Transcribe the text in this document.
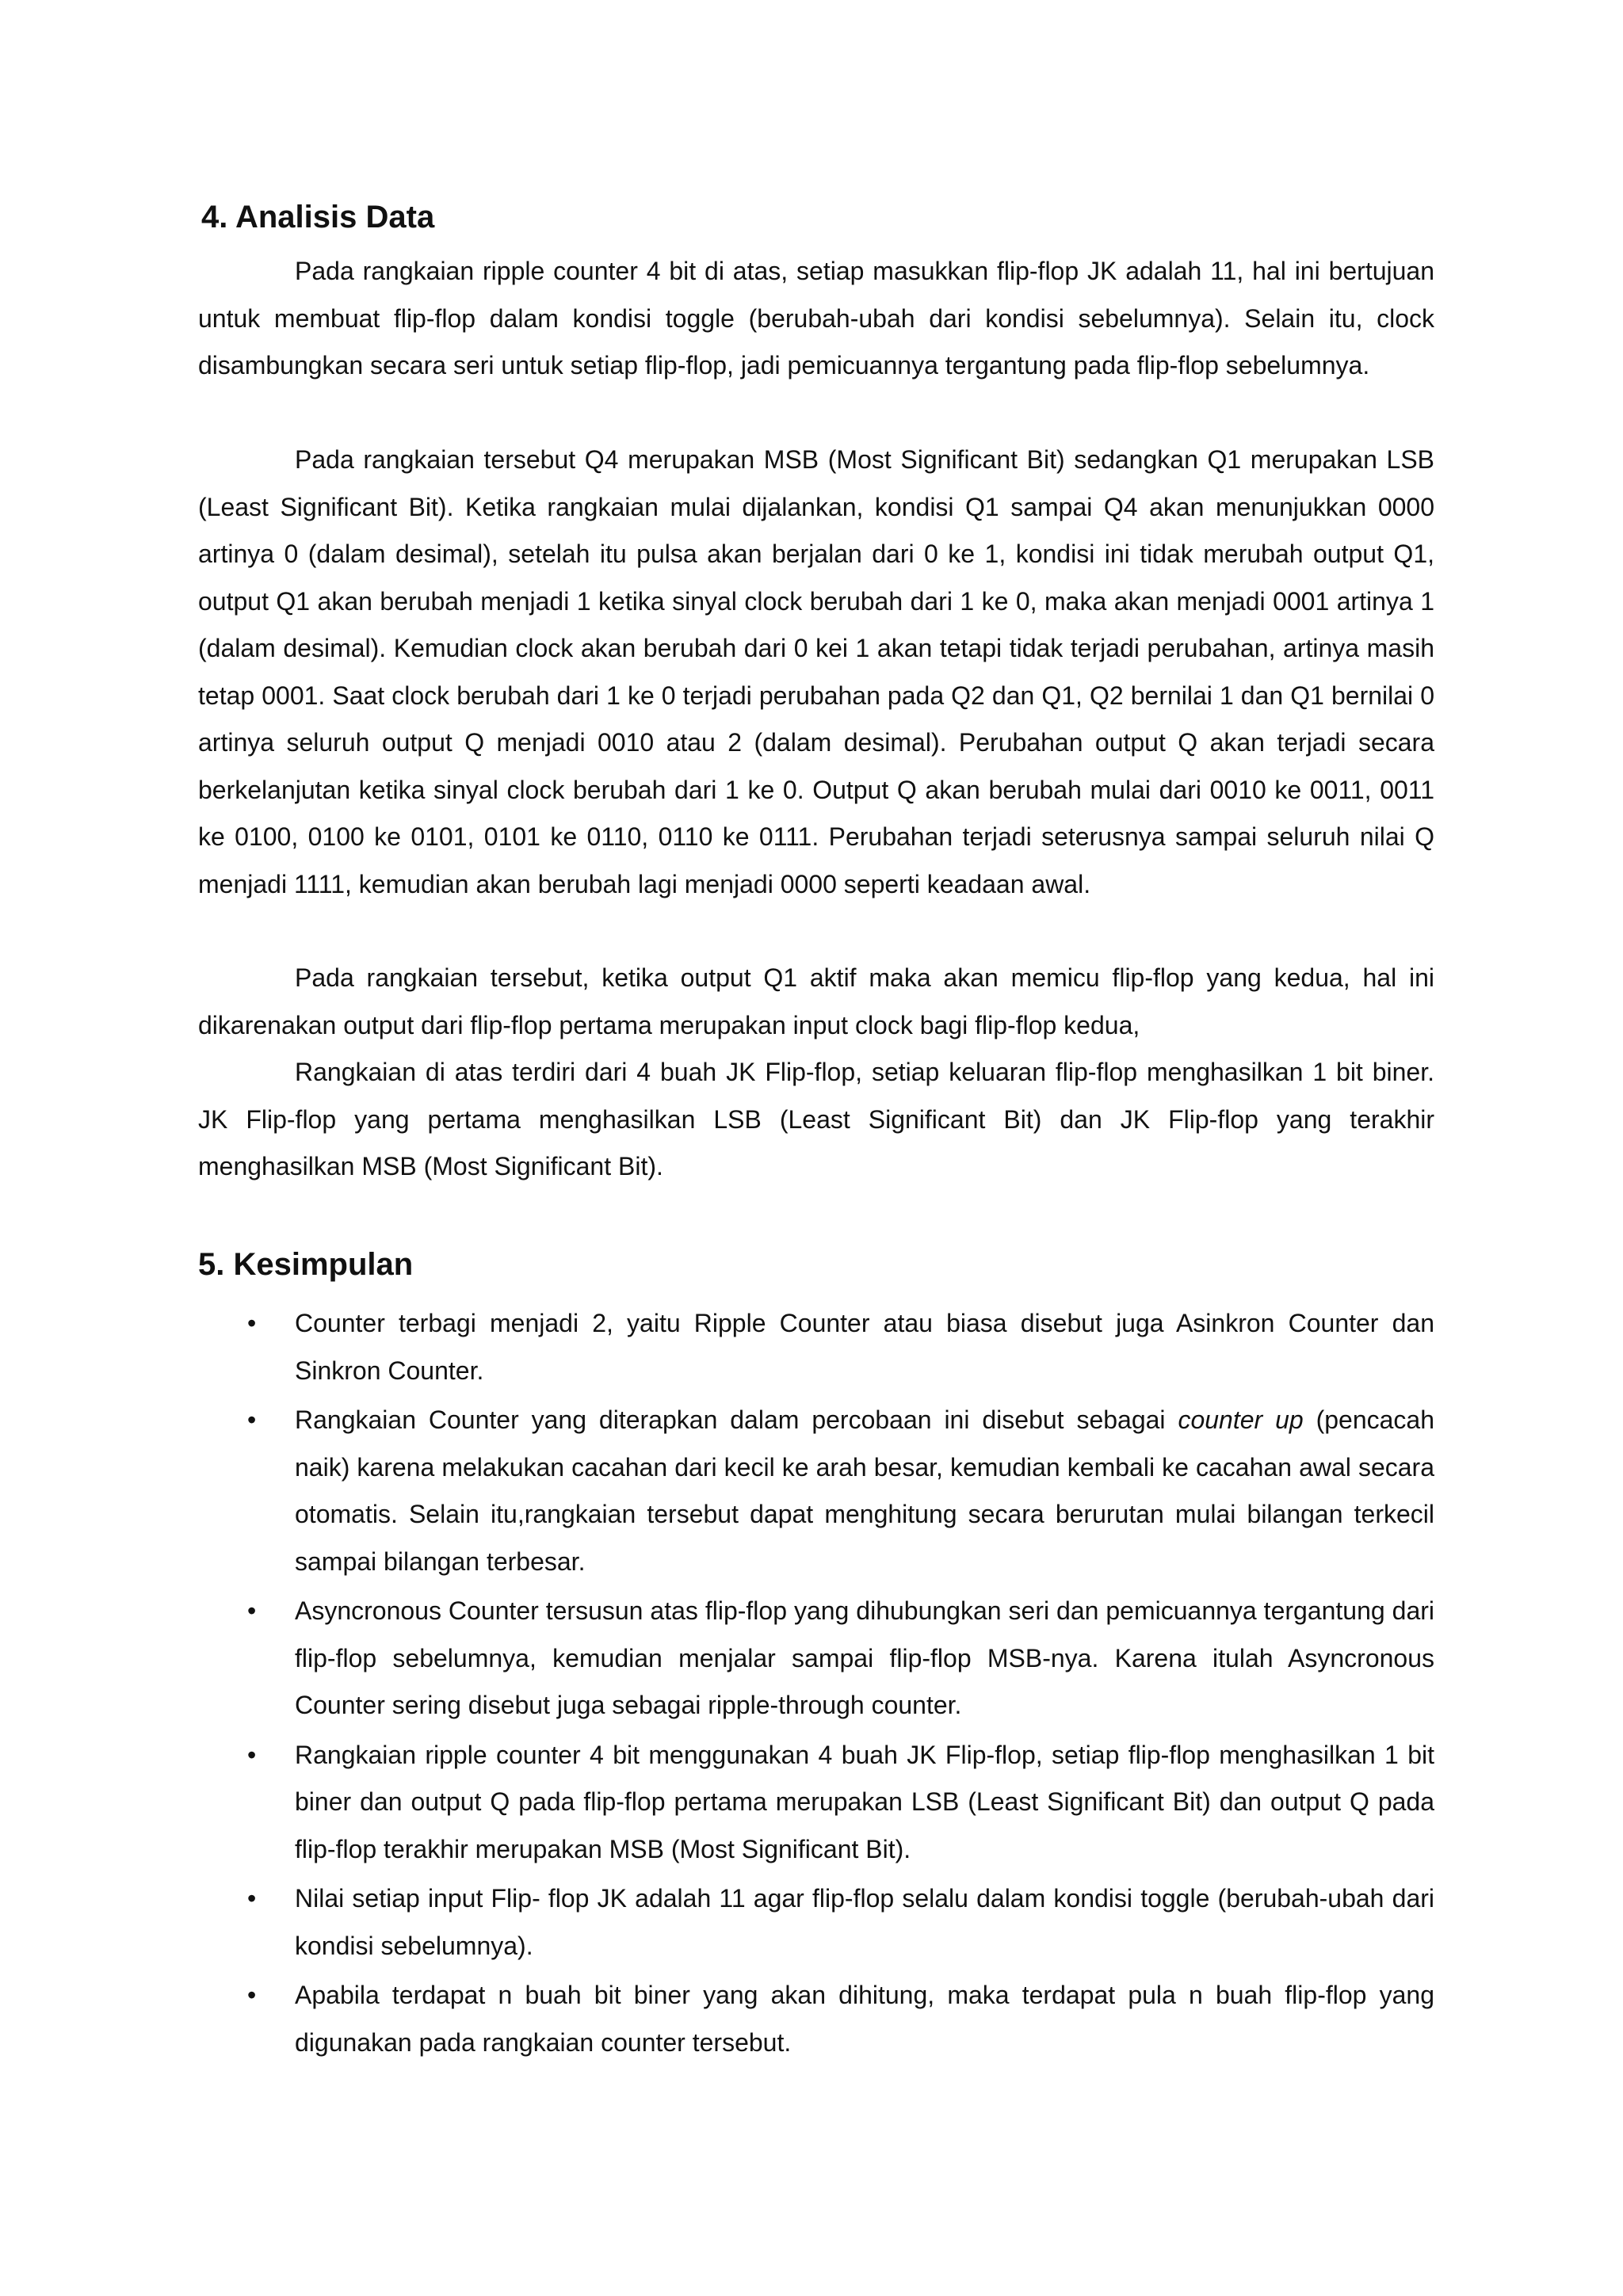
4. Analisis Data

Pada rangkaian ripple counter 4 bit di atas, setiap masukkan flip-flop JK adalah 11, hal ini bertujuan untuk membuat flip-flop dalam kondisi toggle (berubah-ubah dari kondisi sebelumnya). Selain itu, clock disambungkan secara seri untuk setiap flip-flop, jadi pemicuannya tergantung pada flip-flop sebelumnya.

Pada rangkaian tersebut Q4 merupakan MSB (Most Significant Bit) sedangkan Q1 merupakan LSB (Least Significant Bit). Ketika rangkaian mulai dijalankan, kondisi Q1 sampai Q4 akan menunjukkan 0000 artinya 0 (dalam desimal), setelah itu pulsa akan berjalan dari 0 ke 1, kondisi ini tidak merubah output Q1, output Q1 akan berubah menjadi 1 ketika sinyal clock berubah dari 1 ke 0, maka akan menjadi 0001 artinya 1 (dalam desimal). Kemudian clock akan berubah dari 0 kei 1 akan tetapi tidak terjadi perubahan, artinya masih tetap 0001. Saat clock berubah dari 1 ke 0 terjadi perubahan pada Q2 dan Q1, Q2 bernilai 1 dan Q1 bernilai 0 artinya seluruh output Q menjadi 0010 atau 2 (dalam desimal). Perubahan output Q akan terjadi secara berkelanjutan ketika sinyal clock berubah dari 1 ke 0. Output Q akan berubah mulai dari 0010 ke 0011, 0011 ke 0100, 0100 ke 0101, 0101 ke 0110, 0110 ke 0111. Perubahan terjadi seterusnya sampai seluruh nilai Q menjadi 1111, kemudian akan berubah lagi menjadi 0000 seperti keadaan awal.

Pada rangkaian tersebut, ketika output Q1 aktif maka akan memicu flip-flop yang kedua, hal ini dikarenakan output dari flip-flop pertama merupakan input clock bagi flip-flop kedua,

Rangkaian di atas terdiri dari 4 buah JK Flip-flop, setiap keluaran flip-flop menghasilkan 1 bit biner. JK Flip-flop yang pertama menghasilkan LSB (Least Significant Bit) dan JK Flip-flop yang terakhir menghasilkan MSB (Most Significant Bit).

5. Kesimpulan
• Counter terbagi menjadi 2, yaitu Ripple Counter atau biasa disebut juga Asinkron Counter dan Sinkron Counter.
• Rangkaian Counter yang diterapkan dalam percobaan ini disebut sebagai counter up (pencacah naik) karena melakukan cacahan dari kecil ke arah besar, kemudian kembali ke cacahan awal secara otomatis. Selain itu,rangkaian tersebut dapat menghitung secara berurutan mulai bilangan terkecil sampai bilangan terbesar.
• Asyncronous Counter tersusun atas flip-flop yang dihubungkan seri dan pemicuannya tergantung dari flip-flop sebelumnya, kemudian menjalar sampai flip-flop MSB-nya. Karena itulah Asyncronous Counter sering disebut juga sebagai ripple-through counter.
• Rangkaian ripple counter 4 bit menggunakan 4 buah JK Flip-flop, setiap flip-flop menghasilkan 1 bit biner dan output Q pada flip-flop pertama merupakan LSB (Least Significant Bit) dan output Q pada flip-flop terakhir merupakan MSB (Most Significant Bit).
• Nilai setiap input Flip- flop JK adalah 11 agar flip-flop selalu dalam kondisi toggle (berubah-ubah dari kondisi sebelumnya).
• Apabila terdapat n buah bit biner yang akan dihitung, maka terdapat pula n buah flip-flop yang digunakan pada rangkaian counter tersebut.
